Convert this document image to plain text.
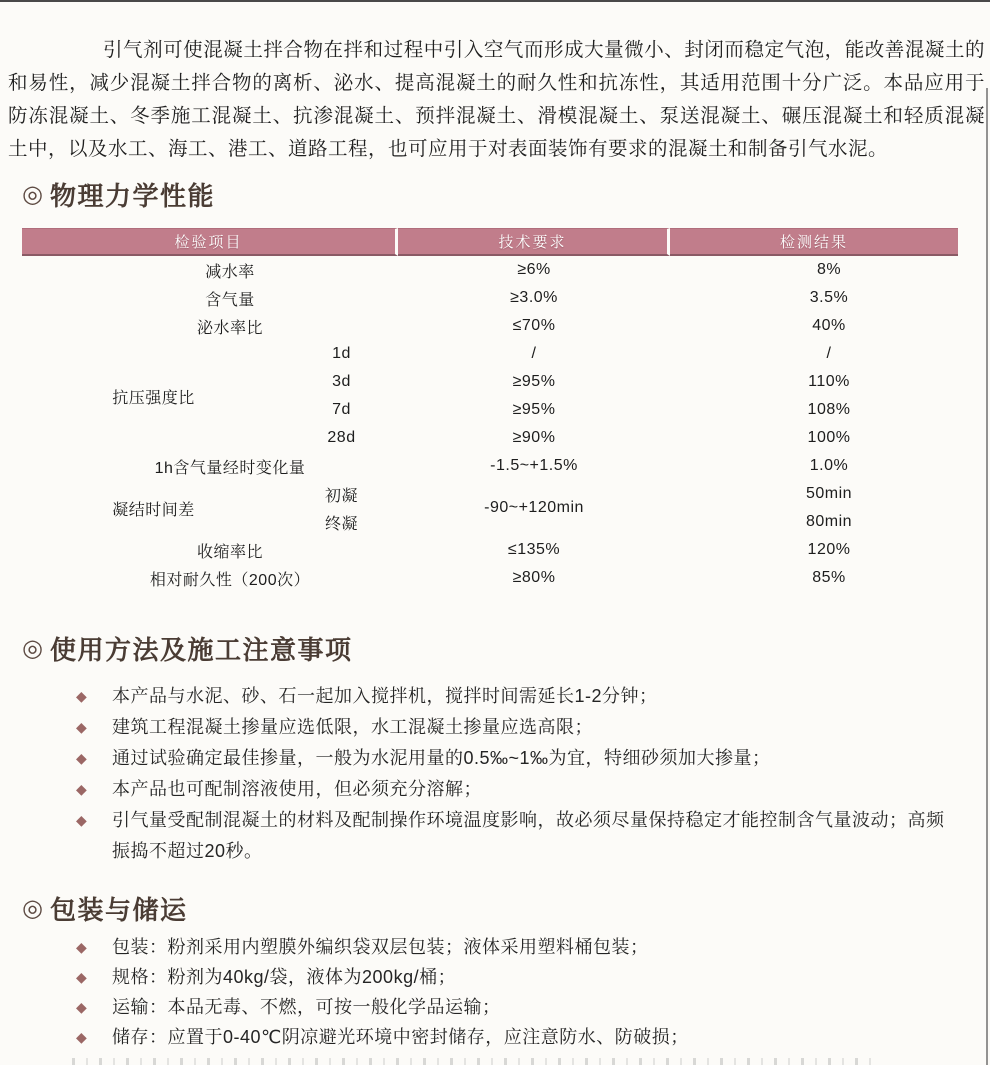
引气剂可使混凝土拌合物在拌和过程中引入空气而形成大量微小、封闭而稳定气泡，能改善混凝土的和易性，减少混凝土拌合物的离析、泌水、提高混凝土的耐久性和抗冻性，其适用范围十分广泛。本品应用于防冻混凝土、冬季施工混凝土、抗渗混凝土、预拌混凝土、滑模混凝土、泵送混凝土、碾压混凝土和轻质混凝土中，以及水工、海工、港工、道路工程，也可应用于对表面装饰有要求的混凝土和制备引气水泥。

◎ 物理力学性能
检验项目		技术要求	检测结果
减水率		≥6%	8%
含气量		≥3.0%	3.5%
泌水率比		≤70%	40%
抗压强度比	1d	/	/
	3d	≥95%	110%
	7d	≥95%	108%
	28d	≥90%	100%
1h含气量经时变化量		-1.5~+1.5%	1.0%
凝结时间差	初凝	-90~+120min	50min
	终凝		80min
收缩率比		≤135%	120%
相对耐久性（200次）		≥80%	85%
◎ 使用方法及施工注意事项
◆ 本产品与水泥、砂、石一起加入搅拌机，搅拌时间需延长1-2分钟；
◆ 建筑工程混凝土掺量应选低限，水工混凝土掺量应选高限；
◆ 通过试验确定最佳掺量，一般为水泥用量的0.5‰~1‰为宜，特细砂须加大掺量；
◆ 本产品也可配制溶液使用，但必须充分溶解；
◆ 引气量受配制混凝土的材料及配制操作环境温度影响，故必须尽量保持稳定才能控制含气量波动；高频振捣不超过20秒。
◎ 包装与储运
◆ 包装：粉剂采用内塑膜外编织袋双层包装；液体采用塑料桶包装；
◆ 规格：粉剂为40kg/袋，液体为200kg/桶；
◆ 运输：本品无毒、不燃，可按一般化学品运输；
◆ 储存：应置于0-40℃阴凉避光环境中密封储存，应注意防水、防破损；
